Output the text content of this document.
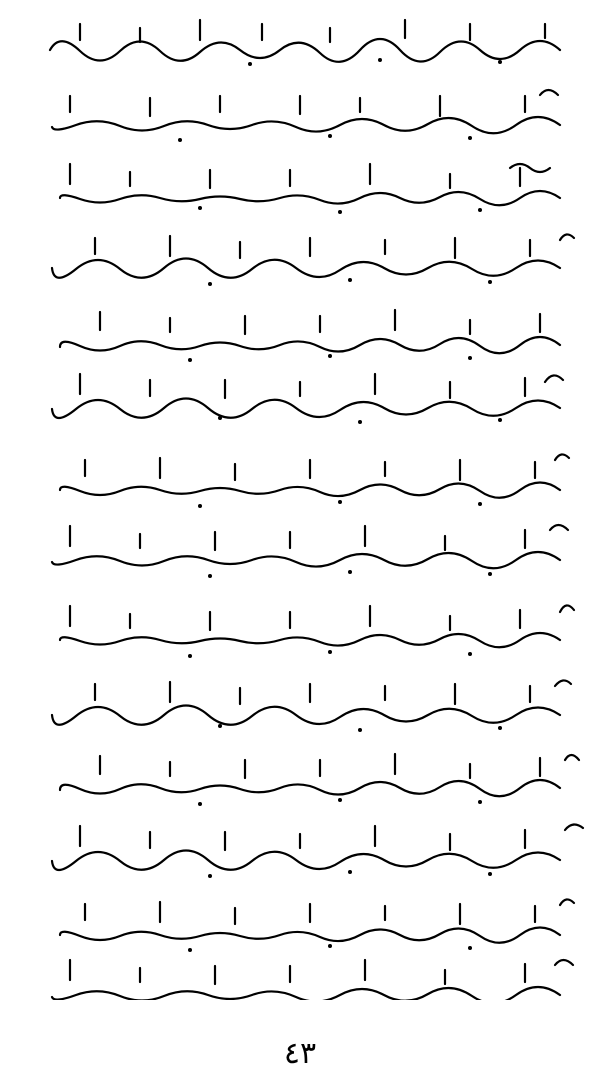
٤٣
